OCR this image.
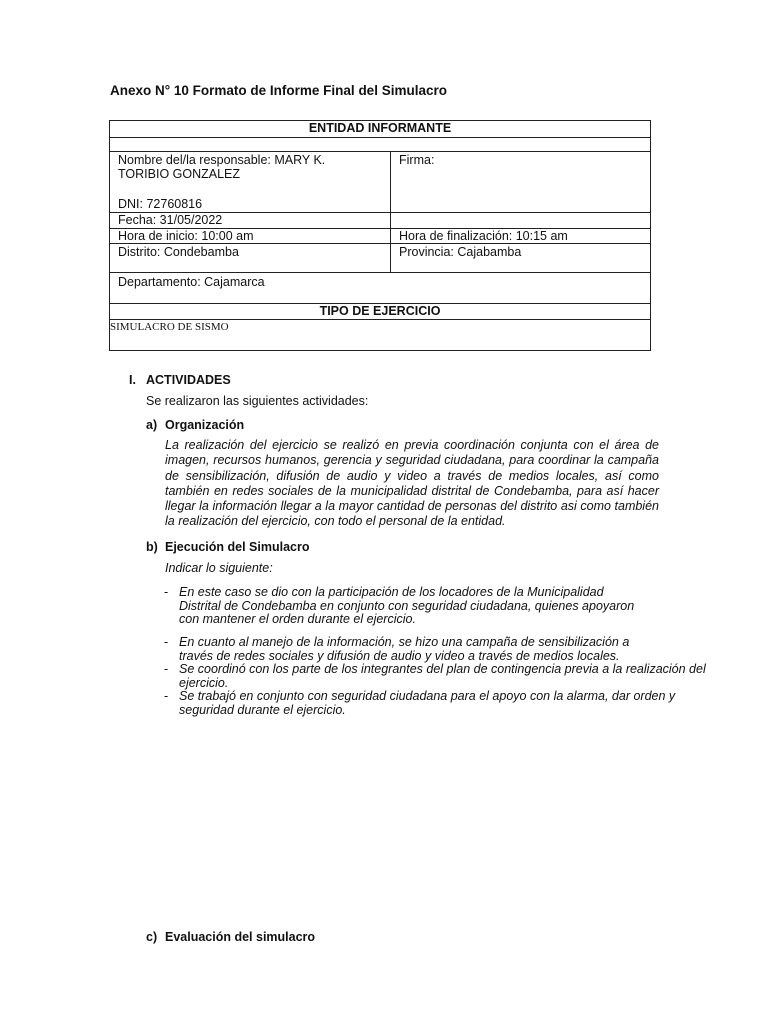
Anexo N° 10 Formato de Informe Final del Simulacro
ENTIDAD INFORMANTE	

Nombre del/la responsable: MARY K.
TORIBIO GONZALEZ
DNI: 72760816	Firma:
Fecha: 31/05/2022	
Hora de inicio: 10:00 am	Hora de finalización: 10:15 am
Distrito: Condebamba	Provincia: Cajabamba
Departamento: Cajamarca	
TIPO DE EJERCICIO	
SIMULACRO DE SISMO	
I. ACTIVIDADES
Se realizaron las siguientes actividades:
a) Organización
La realización del ejercicio se realizó en previa coordinación conjunta con el área de imagen, recursos humanos, gerencia y seguridad ciudadana, para coordinar la campaña de sensibilización, difusión de audio y video a través de medios locales, así como también en redes sociales de la municipalidad distrital de Condebamba, para así hacer llegar la información llegar a la mayor cantidad de personas del distrito asi como también la realización del ejercicio, con todo el personal de la entidad.
b) Ejecución del Simulacro
Indicar lo siguiente:
- En este caso se dio con la participación de los locadores de la Municipalidad
Distrital de Condebamba en conjunto con seguridad ciudadana, quienes apoyaron
con mantener el orden durante el ejercicio.
- En cuanto al manejo de la información, se hizo una campaña de sensibilización a
través de redes sociales y difusión de audio y video a través de medios locales.
- Se coordinó con los parte de los integrantes del plan de contingencia previa a la realización del
ejercicio.
- Se trabajó en conjunto con seguridad ciudadana para el apoyo con la alarma, dar orden y
seguridad durante el ejercicio.
c) Evaluación del simulacro
